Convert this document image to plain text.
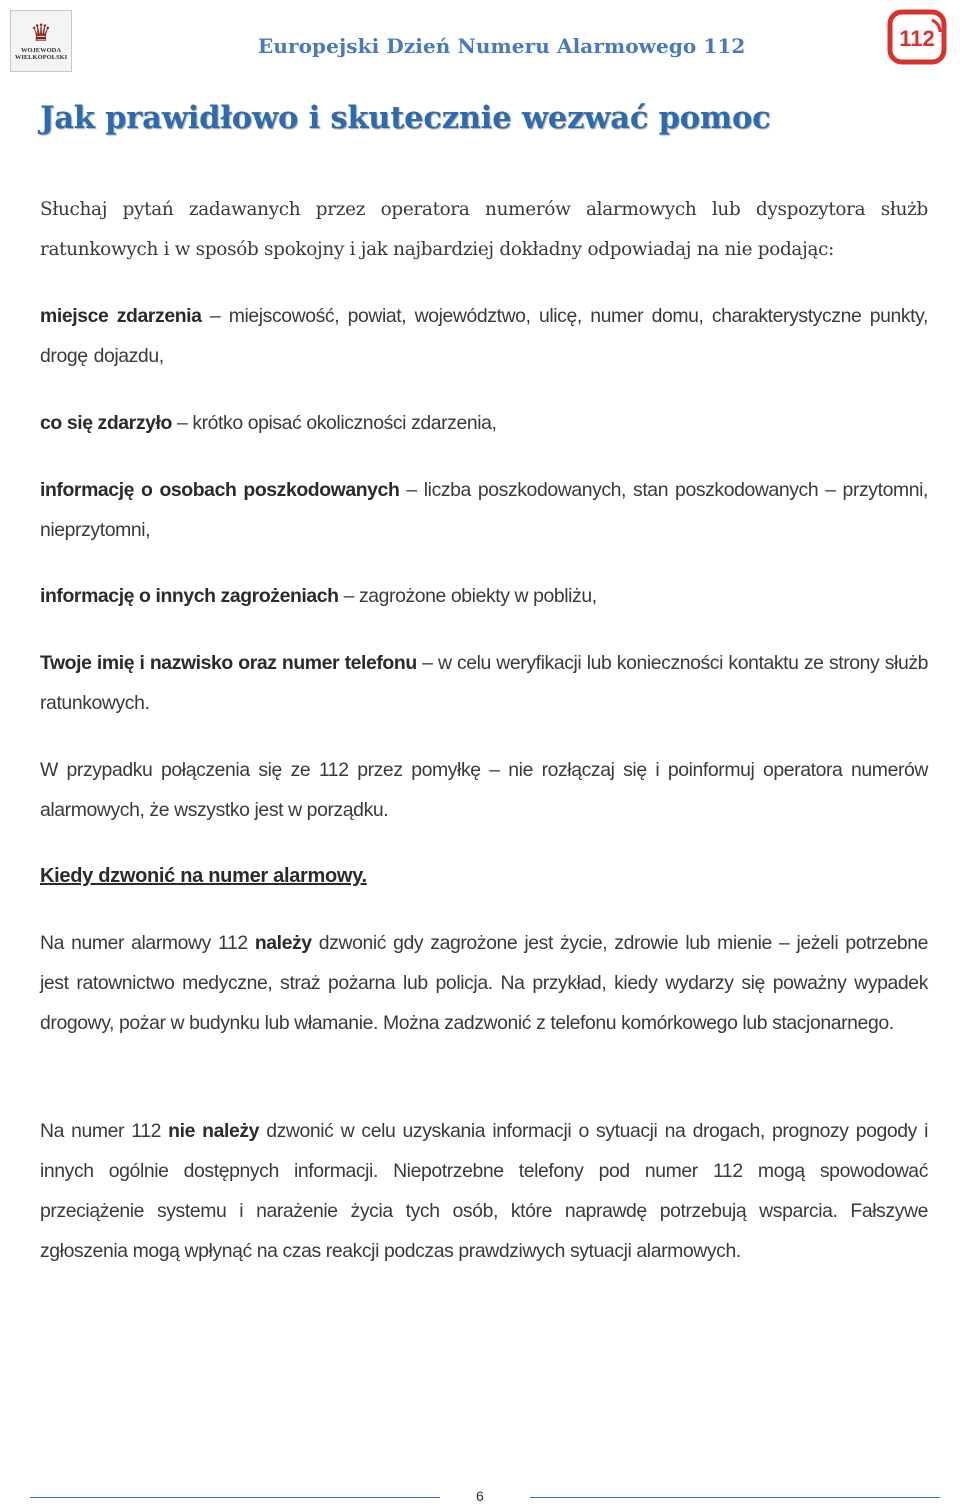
♛
WOJEWODA
WIELKOPOLSKI	Europejski Dzień Numeru Alarmowego 112	112
Jak prawidłowo i skutecznie wezwać pomoc

Słuchaj pytań zadawanych przez operatora numerów alarmowych lub dyspozytora służb ratunkowych i w sposób spokojny i jak najbardziej dokładny odpowiadaj na nie podając:

miejsce zdarzenia – miejscowość, powiat, województwo, ulicę, numer domu, charakterystyczne punkty, drogę dojazdu,

co się zdarzyło – krótko opisać okoliczności zdarzenia,

informację o osobach poszkodowanych – liczba poszkodowanych, stan poszkodowanych – przytomni, nieprzytomni,

informację o innych zagrożeniach – zagrożone obiekty w pobliżu,

Twoje imię i nazwisko oraz numer telefonu – w celu weryfikacji lub konieczności kontaktu ze strony służb ratunkowych.

W przypadku połączenia się ze 112 przez pomyłkę – nie rozłączaj się i poinformuj operatora numerów alarmowych, że wszystko jest w porządku.

Kiedy dzwonić na numer alarmowy.

Na numer alarmowy 112 należy dzwonić gdy zagrożone jest życie, zdrowie lub mienie – jeżeli potrzebne jest ratownictwo medyczne, straż pożarna lub policja. Na przykład, kiedy wydarzy się poważny wypadek drogowy, pożar w budynku lub włamanie. Można zadzwonić z telefonu komórkowego lub stacjonarnego.

Na numer 112 nie należy dzwonić w celu uzyskania informacji o sytuacji na drogach, prognozy pogody i innych ogólnie dostępnych informacji. Niepotrzebne telefony pod numer 112 mogą spowodować przeciążenie systemu i narażenie życia tych osób, które naprawdę potrzebują wsparcia. Fałszywe zgłoszenia mogą wpłynąć na czas reakcji podczas prawdziwych sytuacji alarmowych.

6
